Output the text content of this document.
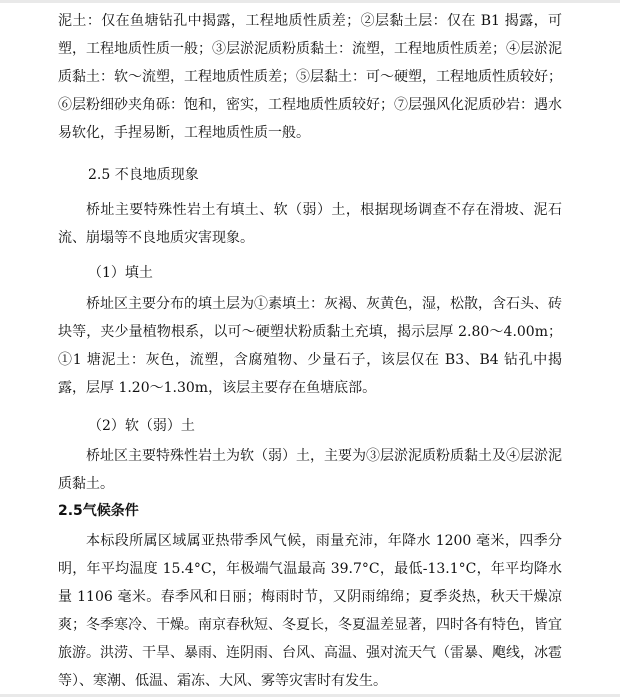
泥土：仅在鱼塘钻孔中揭露，工程地质性质差；②层黏土层：仅在 B1 揭露，可塑，工程地质性质一般；③层淤泥质粉质黏土：流塑，工程地质性质差；④层淤泥质黏土：软～流塑，工程地质性质差；⑤层黏土：可～硬塑，工程地质性质较好；⑥层粉细砂夹角砾：饱和，密实，工程地质性质较好；⑦层强风化泥质砂岩：遇水易软化，手捏易断，工程地质性质一般。

2.5 不良地质现象

桥址主要特殊性岩土有填土、软（弱）土，根据现场调查不存在滑坡、泥石流、崩塌等不良地质灾害现象。

（1）填土

桥址区主要分布的填土层为①素填土：灰褐、灰黄色，湿，松散，含石头、砖块等，夹少量植物根系，以可～硬塑状粉质黏土充填，揭示层厚 2.80～4.00m；①1 塘泥土：灰色，流塑，含腐殖物、少量石子，该层仅在 B3、B4 钻孔中揭露，层厚 1.20～1.30m，该层主要存在鱼塘底部。

（2）软（弱）土

桥址区主要特殊性岩土为软（弱）土，主要为③层淤泥质粉质黏土及④层淤泥质黏土。

2.5气候条件

本标段所属区域属亚热带季风气候，雨量充沛，年降水 1200 毫米，四季分明，年平均温度 15.4°C，年极端气温最高 39.7°C，最低-13.1°C，年平均降水量 1106 毫米。春季风和日丽；梅雨时节，又阴雨绵绵；夏季炎热，秋天干燥凉爽；冬季寒冷、干燥。南京春秋短、冬夏长，冬夏温差显著，四时各有特色，皆宜旅游。洪涝、干旱、暴雨、连阴雨、台风、高温、强对流天气（雷暴、飑线，冰雹等）、寒潮、低温、霜冻、大风、雾等灾害时有发生。
